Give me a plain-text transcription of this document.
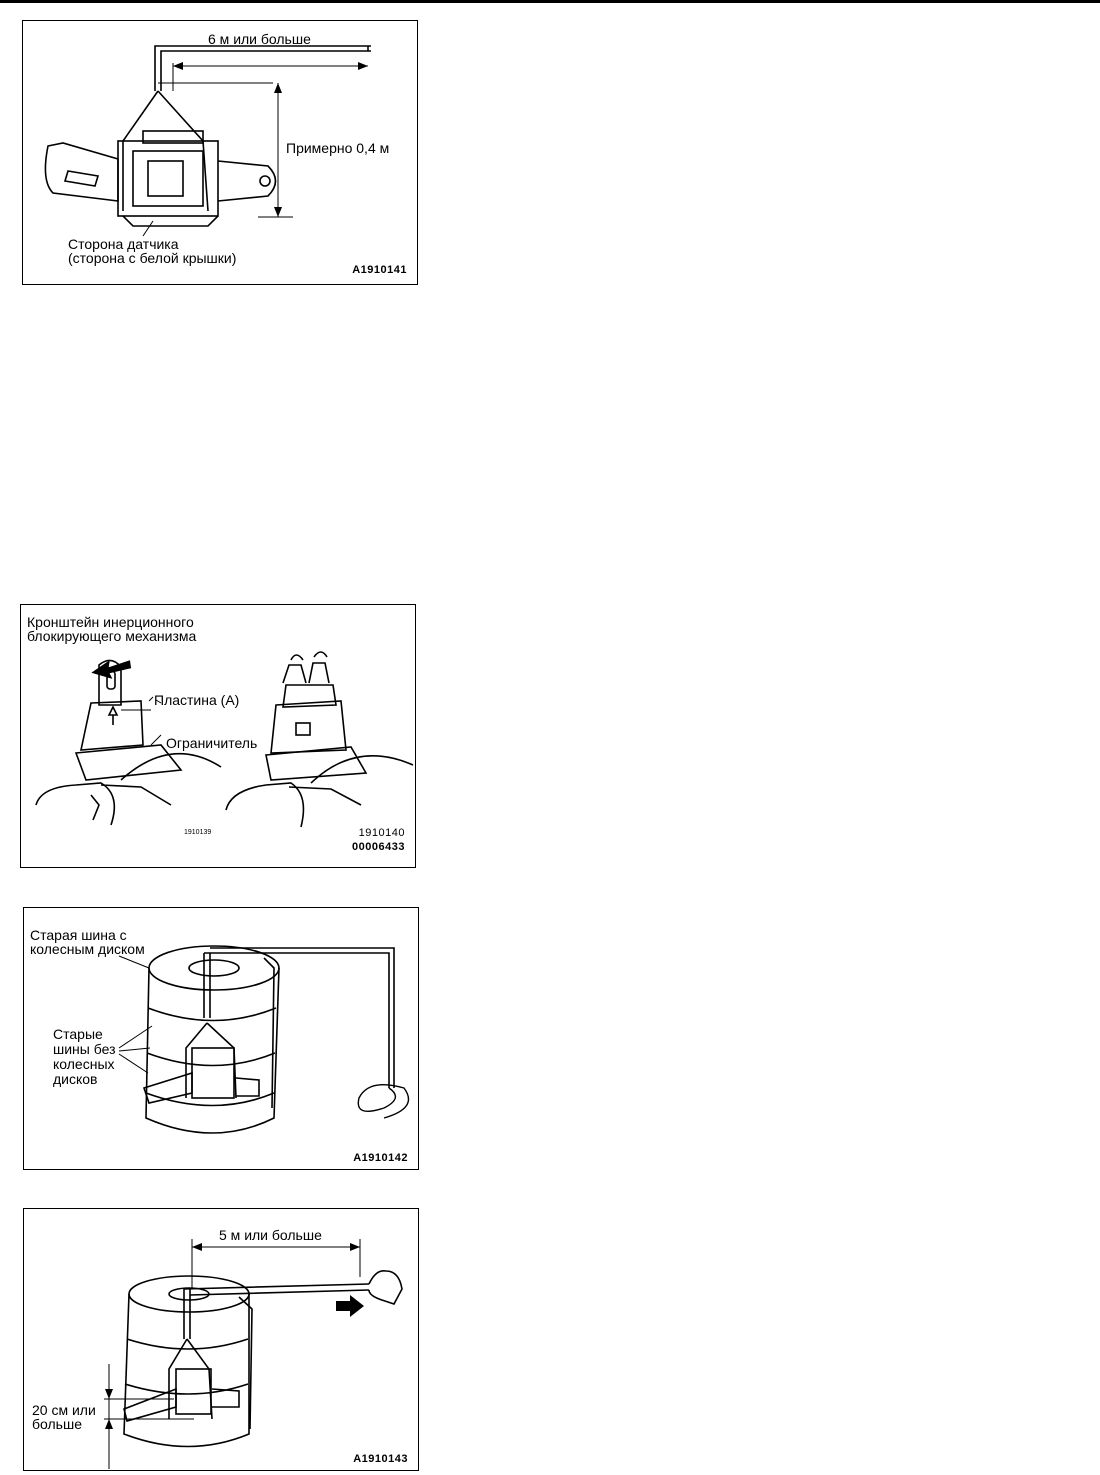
6 м или больше
Примерно 0,4 м
Сторона датчика
(сторона с белой крышки)
A1910141
Кронштейн инерционного
блокирующего механизма
Пластина (A)
Ограничитель
1910139	1910140
00006433
Старая шина с
колесным диском
Старые
шины без
колесных
дисков
A1910142
5 м или больше
20 см или
больше
A1910143
